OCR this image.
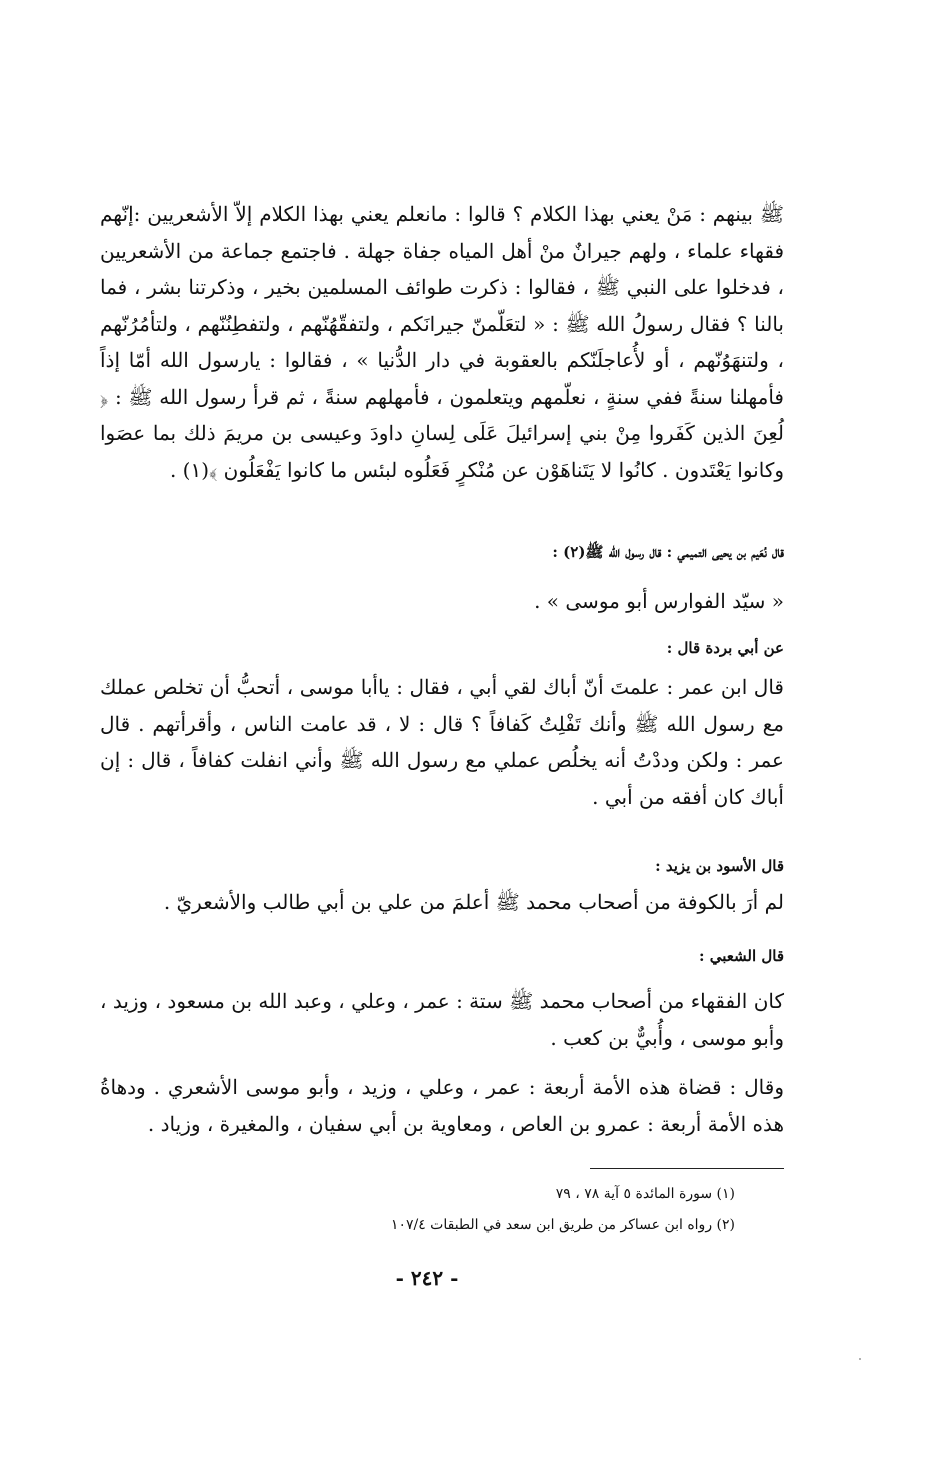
ﷺ بينهم : مَنْ يعني بهذا الكلام ؟ قالوا : مانعلم يعني بهذا الكلام إلاّ الأشعريين :إنّهم فقهاء علماء ، ولهم جيرانٌ منْ أهل المياه جفاة جهلة . فاجتمع جماعة من الأشعريين ، فدخلوا على النبي ﷺ ، فقالوا : ذكرت طوائف المسلمين بخير ، وذكرتنا بشر ، فما بالنا ؟ فقال رسولُ الله ﷺ : « لتعَلّمنّ جيرانَكم ، ولتفقّهُنّهم ، ولتفطِنُنّهم ، ولتأمُرُنّهم ، ولتنهَوُنّهم ، أو لأُعاجلَنّكم بالعقوبة في دار الدُّنيا » ، فقالوا : يارسول الله أمّا إذاً فأمهلنا سنةً ففي سنةٍ ، نعلّمهم ويتعلمون ، فأمهلهم سنةً ، ثم قرأ رسول الله ﷺ : ﴿ لُعِنَ الذين كَفَروا مِنْ بني إسرائيلَ عَلَى لِسانِ داودَ وعيسى بن مريمَ ذلك بما عصَوا وكانوا يَعْتَدون . كانُوا لا يَتَناهَوْن عن مُنْكرٍ فَعَلُوه لبئس ما كانوا يَفْعَلُون ﴾(١) .

قال نُعَيم بن يحيى التميمي : قال رسول الله ﷺ(٢) :

« سيّد الفوارس أبو موسى » .

عن أبي بردة قال :

قال ابن عمر : علمتَ أنّ أباك لقي أبي ، فقال : ياأبا موسى ، أتحبُّ أن تخلص عملك مع رسول الله ﷺ وأنك تَفْلِتُ كَفافاً ؟ قال : لا ، قد عامت الناس ، وأقرأتهم . قال عمر : ولكن وددْتُ أنه يخلُص عملي مع رسول الله ﷺ وأني انفلت كفافاً ، قال : إن أباك كان أفقه من أبي .

قال الأسود بن يزيد :

لم أرَ بالكوفة من أصحاب محمد ﷺ أعلمَ من علي بن أبي طالب والأشعريّ .

قال الشعبي :

كان الفقهاء من أصحاب محمد ﷺ ستة : عمر ، وعلي ، وعبد الله بن مسعود ، وزيد ، وأبو موسى ، وأُبيٌّ بن كعب .

وقال : قضاة هذه الأمة أربعة : عمر ، وعلي ، وزيد ، وأبو موسى الأشعري . ودهاةُ هذه الأمة أربعة : عمرو بن العاص ، ومعاوية بن أبي سفيان ، والمغيرة ، وزياد .

(١) سورة المائدة ٥ آية ٧٨ ، ٧٩
(٢) رواه ابن عساكر من طريق ابن سعد في الطبقات ١٠٧/٤
- ٢٤٢ -
